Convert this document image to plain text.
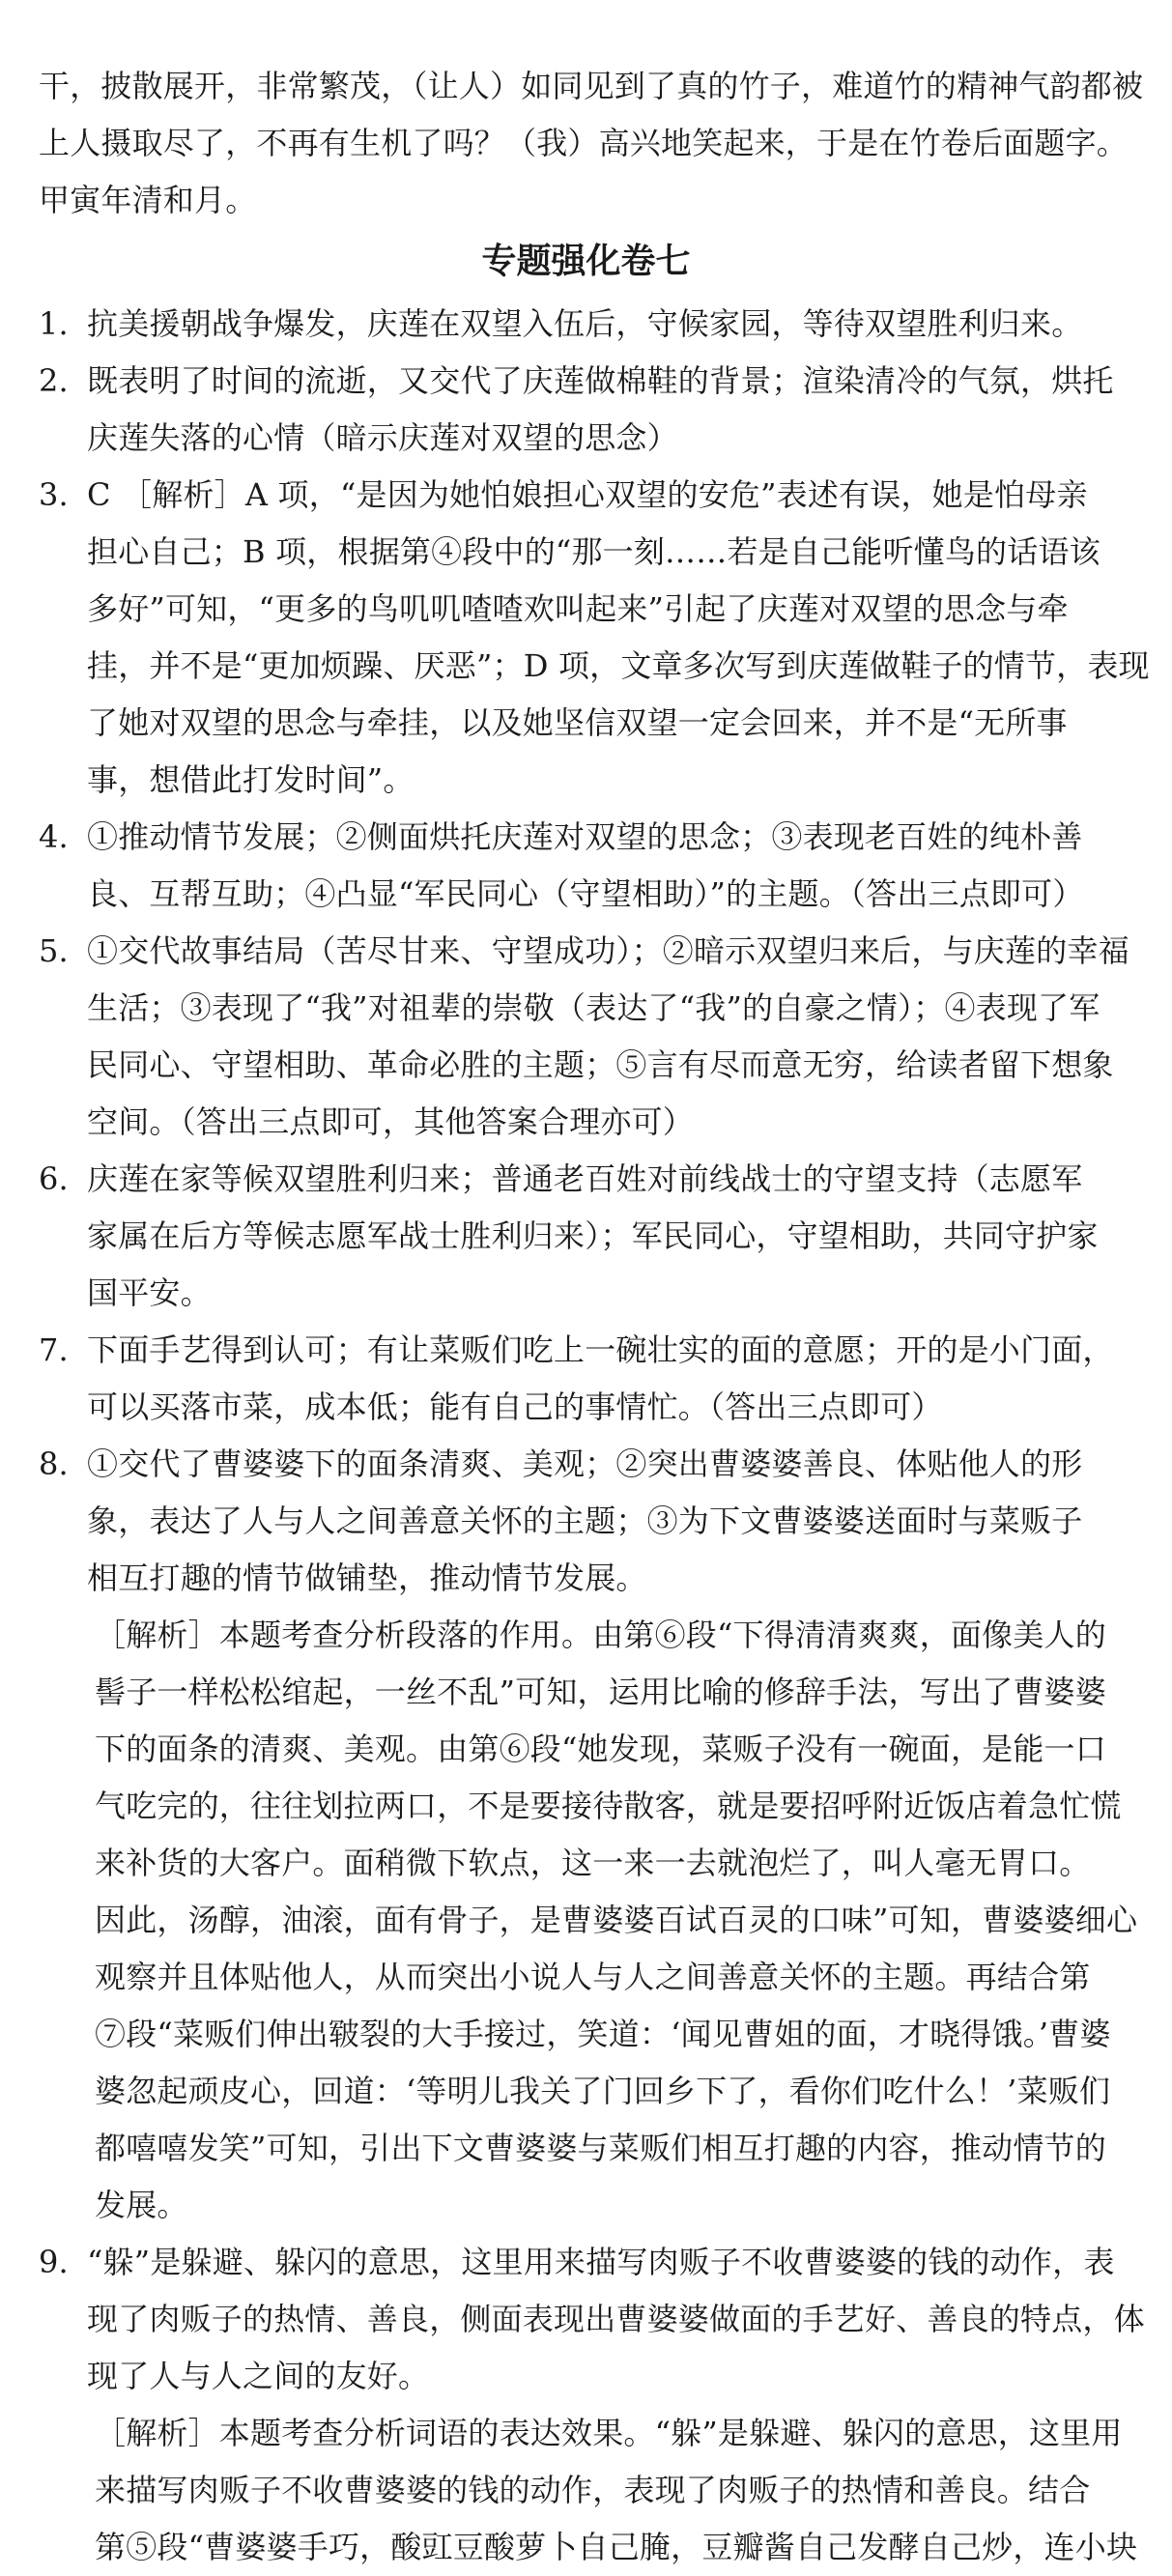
干，披散展开，非常繁茂，（让人）如同见到了真的竹子，难道竹的精神气韵都被
上人摄取尽了，不再有生机了吗？（我）高兴地笑起来，于是在竹卷后面题字。
甲寅年清和月。
专题强化卷七
1. 抗美援朝战争爆发，庆莲在双望入伍后，守候家园，等待双望胜利归来。
2. 既表明了时间的流逝，又交代了庆莲做棉鞋的背景；渲染清冷的气氛，烘托
庆莲失落的心情（暗示庆莲对双望的思念）
3. C ［解析］A 项，“是因为她怕娘担心双望的安危”表述有误，她是怕母亲
担心自己；B 项，根据第④段中的“那一刻……若是自己能听懂鸟的话语该
多好”可知，“更多的鸟叽叽喳喳欢叫起来”引起了庆莲对双望的思念与牵
挂，并不是“更加烦躁、厌恶”；D 项，文章多次写到庆莲做鞋子的情节，表现
了她对双望的思念与牵挂，以及她坚信双望一定会回来，并不是“无所事
事，想借此打发时间”。
4. ①推动情节发展；②侧面烘托庆莲对双望的思念；③表现老百姓的纯朴善
良、互帮互助；④凸显“军民同心（守望相助）”的主题。（答出三点即可）
5. ①交代故事结局（苦尽甘来、守望成功）；②暗示双望归来后，与庆莲的幸福
生活；③表现了“我”对祖辈的崇敬（表达了“我”的自豪之情）；④表现了军
民同心、守望相助、革命必胜的主题；⑤言有尽而意无穷，给读者留下想象
空间。（答出三点即可，其他答案合理亦可）
6. 庆莲在家等候双望胜利归来；普通老百姓对前线战士的守望支持（志愿军
家属在后方等候志愿军战士胜利归来）；军民同心，守望相助，共同守护家
国平安。
7. 下面手艺得到认可；有让菜贩们吃上一碗壮实的面的意愿；开的是小门面，
可以买落市菜，成本低；能有自己的事情忙。（答出三点即可）
8. ①交代了曹婆婆下的面条清爽、美观；②突出曹婆婆善良、体贴他人的形
象，表达了人与人之间善意关怀的主题；③为下文曹婆婆送面时与菜贩子
相互打趣的情节做铺垫，推动情节发展。
［解析］本题考查分析段落的作用。由第⑥段“下得清清爽爽，面像美人的
髻子一样松松绾起，一丝不乱”可知，运用比喻的修辞手法，写出了曹婆婆
下的面条的清爽、美观。由第⑥段“她发现，菜贩子没有一碗面，是能一口
气吃完的，往往划拉两口，不是要接待散客，就是要招呼附近饭店着急忙慌
来补货的大客户。面稍微下软点，这一来一去就泡烂了，叫人毫无胃口。
因此，汤醇，油滚，面有骨子，是曹婆婆百试百灵的口味”可知，曹婆婆细心
观察并且体贴他人，从而突出小说人与人之间善意关怀的主题。再结合第
⑦段“菜贩们伸出皲裂的大手接过，笑道：‘闻见曹姐的面，才晓得饿。’曹婆
婆忽起顽皮心，回道：‘等明儿我关了门回乡下了，看你们吃什么！’菜贩们
都嘻嘻发笑”可知，引出下文曹婆婆与菜贩们相互打趣的内容，推动情节的
发展。
9. “躲”是躲避、躲闪的意思，这里用来描写肉贩子不收曹婆婆的钱的动作，表
现了肉贩子的热情、善良，侧面表现出曹婆婆做面的手艺好、善良的特点，体
现了人与人之间的友好。
［解析］本题考查分析词语的表达效果。“躲”是躲避、躲闪的意思，这里用
来描写肉贩子不收曹婆婆的钱的动作，表现了肉贩子的热情和善良。结合
第⑤段“曹婆婆手巧，酸豇豆酸萝卜自己腌，豆瓣酱自己发酵自己炒，连小块
